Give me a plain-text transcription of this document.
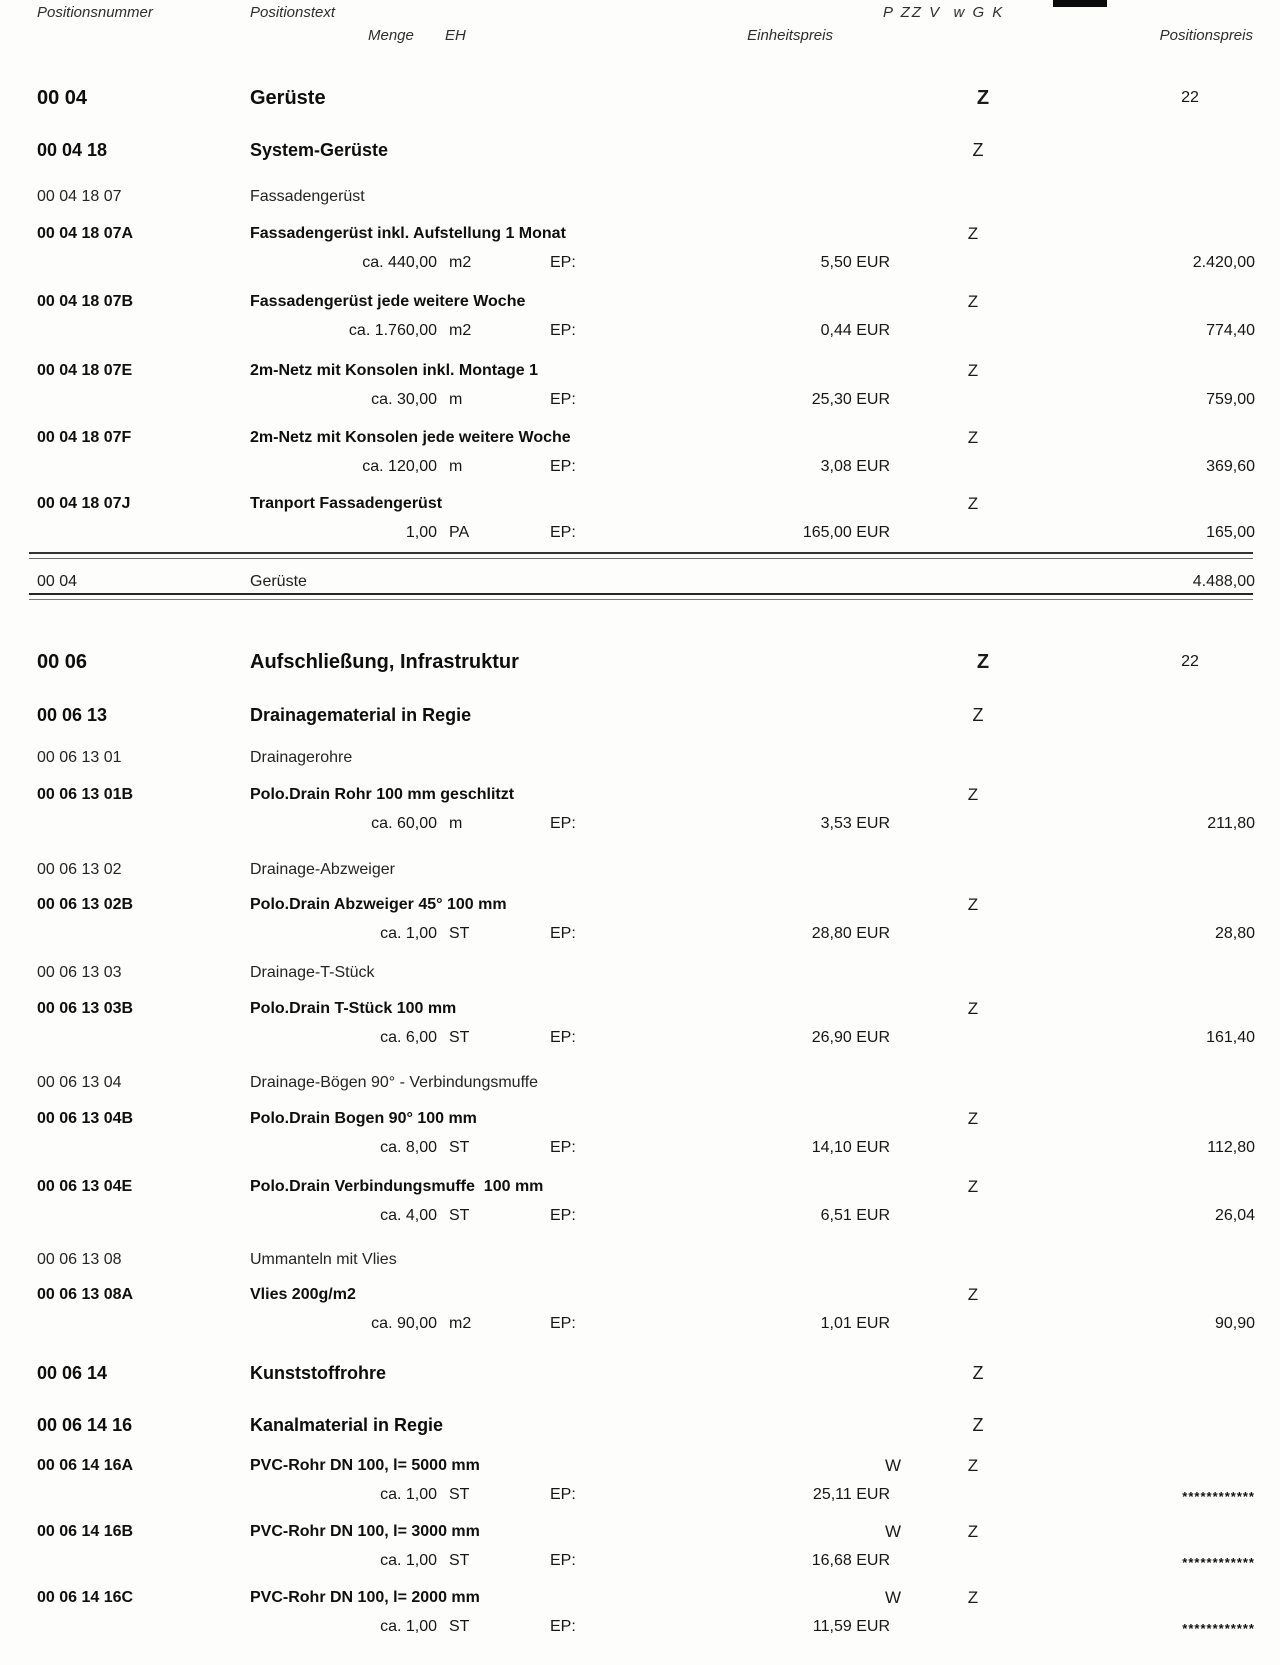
Positionsnummer	Positionstext	P ZZ V  w G K
Menge EH	Einheitspreis	Positionspreis
00 04	Gerüste	Z	22
00 04 18	System-Gerüste	Z
00 04 18 07	Fassadengerüst
00 04 18 07A	Fassadengerüst inkl. Aufstellung 1 Monat	Z
ca. 440,00 m2	EP:	5,50 EUR	2.420,00
00 04 18 07B	Fassadengerüst jede weitere Woche	Z
ca. 1.760,00 m2	EP:	0,44 EUR	774,40
00 04 18 07E	2m-Netz mit Konsolen inkl. Montage 1	Z
ca. 30,00 m	EP:	25,30 EUR	759,00
00 04 18 07F	2m-Netz mit Konsolen jede weitere Woche	Z
ca. 120,00 m	EP:	3,08 EUR	369,60
00 04 18 07J	Tranport Fassadengerüst	Z
1,00 PA	EP:	165,00 EUR	165,00
00 04	Gerüste	4.488,00
00 06	Aufschließung, Infrastruktur	Z	22
00 06 13	Drainagematerial in Regie	Z
00 06 13 01	Drainagerohre
00 06 13 01B	Polo.Drain Rohr 100 mm geschlitzt	Z
ca. 60,00 m	EP:	3,53 EUR	211,80
00 06 13 02	Drainage-Abzweiger
00 06 13 02B	Polo.Drain Abzweiger 45° 100 mm	Z
ca. 1,00 ST	EP:	28,80 EUR	28,80
00 06 13 03	Drainage-T-Stück
00 06 13 03B	Polo.Drain T-Stück 100 mm	Z
ca. 6,00 ST	EP:	26,90 EUR	161,40
00 06 13 04	Drainage-Bögen 90° - Verbindungsmuffe
00 06 13 04B	Polo.Drain Bogen 90° 100 mm	Z
ca. 8,00 ST	EP:	14,10 EUR	112,80
00 06 13 04E	Polo.Drain Verbindungsmuffe  100 mm	Z
ca. 4,00 ST	EP:	6,51 EUR	26,04
00 06 13 08	Ummanteln mit Vlies
00 06 13 08A	Vlies 200g/m2	Z
ca. 90,00 m2	EP:	1,01 EUR	90,90
00 06 14	Kunststoffrohre	Z
00 06 14 16	Kanalmaterial in Regie	Z
00 06 14 16A	PVC-Rohr DN 100, l= 5000 mm	W	Z
ca. 1,00 ST	EP:	25,11 EUR	************
00 06 14 16B	PVC-Rohr DN 100, l= 3000 mm	W	Z
ca. 1,00 ST	EP:	16,68 EUR	************
00 06 14 16C	PVC-Rohr DN 100, l= 2000 mm	W	Z
ca. 1,00 ST	EP:	11,59 EUR	************
